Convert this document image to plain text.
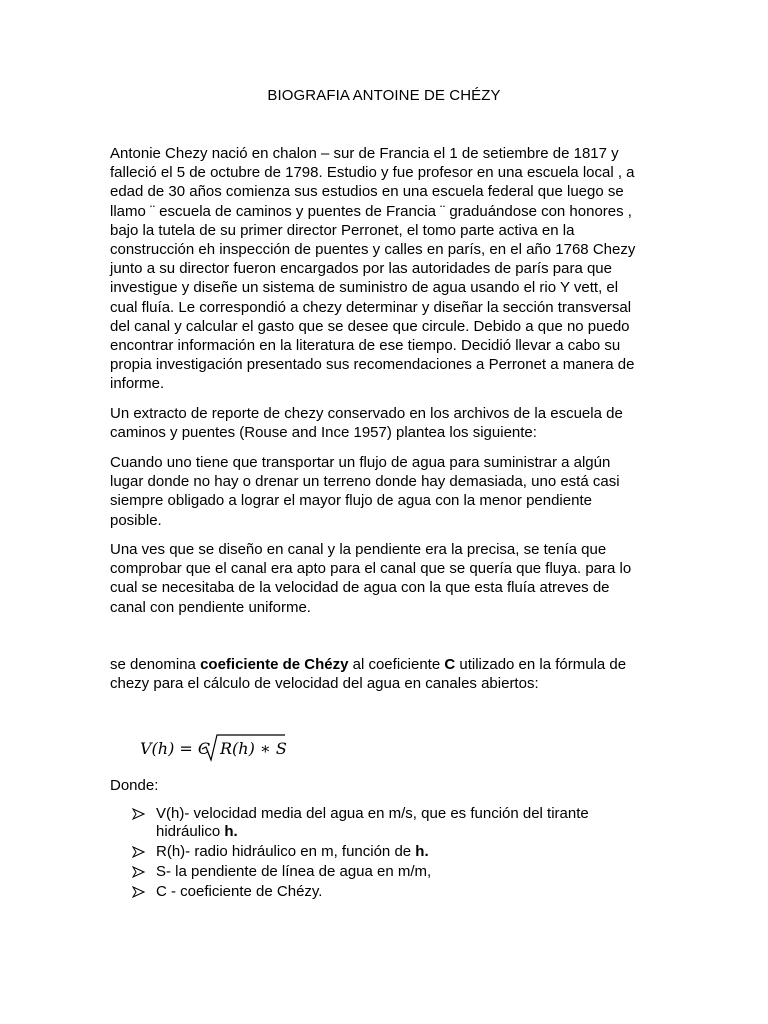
BIOGRAFIA ANTOINE DE CHÉZY

Antonie Chezy nació en chalon – sur de Francia el 1 de setiembre de 1817 y
falleció el 5 de octubre de 1798. Estudio y fue profesor en una escuela local , a
edad de 30 años comienza sus estudios en una escuela federal que luego se
llamo ¨ escuela de caminos y puentes de Francia ¨ graduándose con honores ,
bajo la tutela de su primer director Perronet, el tomo parte activa en la
construcción eh inspección de puentes y calles en parís, en el año 1768 Chezy
junto a su director fueron encargados por las autoridades de parís para que
investigue y diseñe un sistema de suministro de agua usando el rio Y vett, el
cual fluía. Le correspondió a chezy determinar y diseñar la sección transversal
del canal y calcular el gasto que se desee que circule. Debido a que no puedo
encontrar información en la literatura de ese tiempo. Decidió llevar a cabo su
propia investigación presentado sus recomendaciones a Perronet a manera de
informe.

Un extracto de reporte de chezy conservado en los archivos de la escuela de
caminos y puentes (Rouse and Ince 1957) plantea los siguiente:

Cuando uno tiene que transportar un flujo de agua para suministrar a algún
lugar donde no hay o drenar un terreno donde hay demasiada, uno está casi
siempre obligado a lograr el mayor flujo de agua con la menor pendiente
posible.

Una ves que se diseño en canal y la pendiente era la precisa, se tenía que
comprobar que el canal era apto para el canal que se quería que fluya. para lo
cual se necesitaba de la velocidad de agua con la que esta fluía atreves de
canal con pendiente uniforme.

se denomina coeficiente de Chézy al coeficiente C utilizado en la fórmula de
chezy para el cálculo de velocidad del agua en canales abiertos:

V(h) = C R(h) ∗ S
Donde:
V(h)- velocidad media del agua en m/s, que es función del tirante
hidráulico h.
R(h)- radio hidráulico en m, función de h.
S- la pendiente de línea de agua en m/m,
C - coeficiente de Chézy.
